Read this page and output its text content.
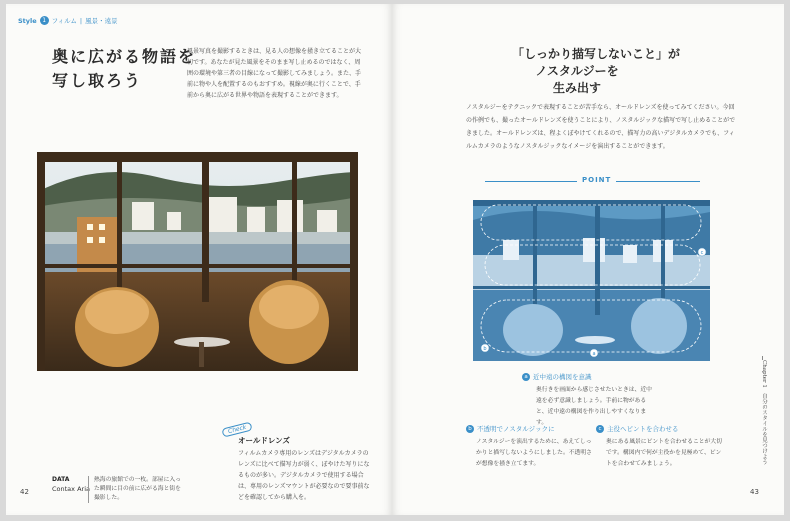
Style 1 フィルム | 風景・遠景
奥に広がる物語を
写し取ろう
風景写真を撮影するときは、見る人の想像を掻き立てることが大切です。あなたが見た風景をそのまま写し止めるのではなく、周囲の環境や第三者の目線になって撮影してみましょう。また、手前に物や人を配置するのもおすすめ。視線が奥に行くことで、手前から奥に広がる世界や物語を表現することができます。
Check
オールドレンズ
フィルムカメラ専用のレンズはデジタルカメラのレンズに比べて描写力が弱く、ぼやけた写りになるものが多い。デジタルカメラで使用する場合は、専用のレンズマウントが必要なので要事前などを確認してから購入を。
DATA
Contax Aria
熱海の旅館での一枚。部屋に入った瞬間に目の前に広がる海と街を撮影した。
42
「しっかり描写しないこと」が
ノスタルジーを
生み出す
ノスタルジーをテクニックで表現することが苦手なら、オールドレンズを使ってみてください。今回の作例でも、撮ったオールドレンズを使うことにより、ノスタルジックな描写で写し止めることができました。オールドレンズは、程よくぼやけてくれるので、描写力の高いデジタルカメラでも、フィルムカメラのようなノスタルジックなイメージを演出することができます。
POINT
c
b
a
a 近中遠の構図を意識
奥行きを画面から感じさせたいときは、近中遠を必ず意識しましょう。手前に物があると、近中遠の構図を作り出しやすくなります。
b 不透明でノスタルジックに
ノスタルジーを演出するために、あえてしっかりと描写しないようにしました。不透明さが想像を掻き立てます。
c 主役へピントを合わせる
奥にある風景にピントを合わせることが大切です。構図内で何が主役かを見極めて、ピントを合わせてみましょう。	Chapter 1　自分のスタイルを見つけよう
43
